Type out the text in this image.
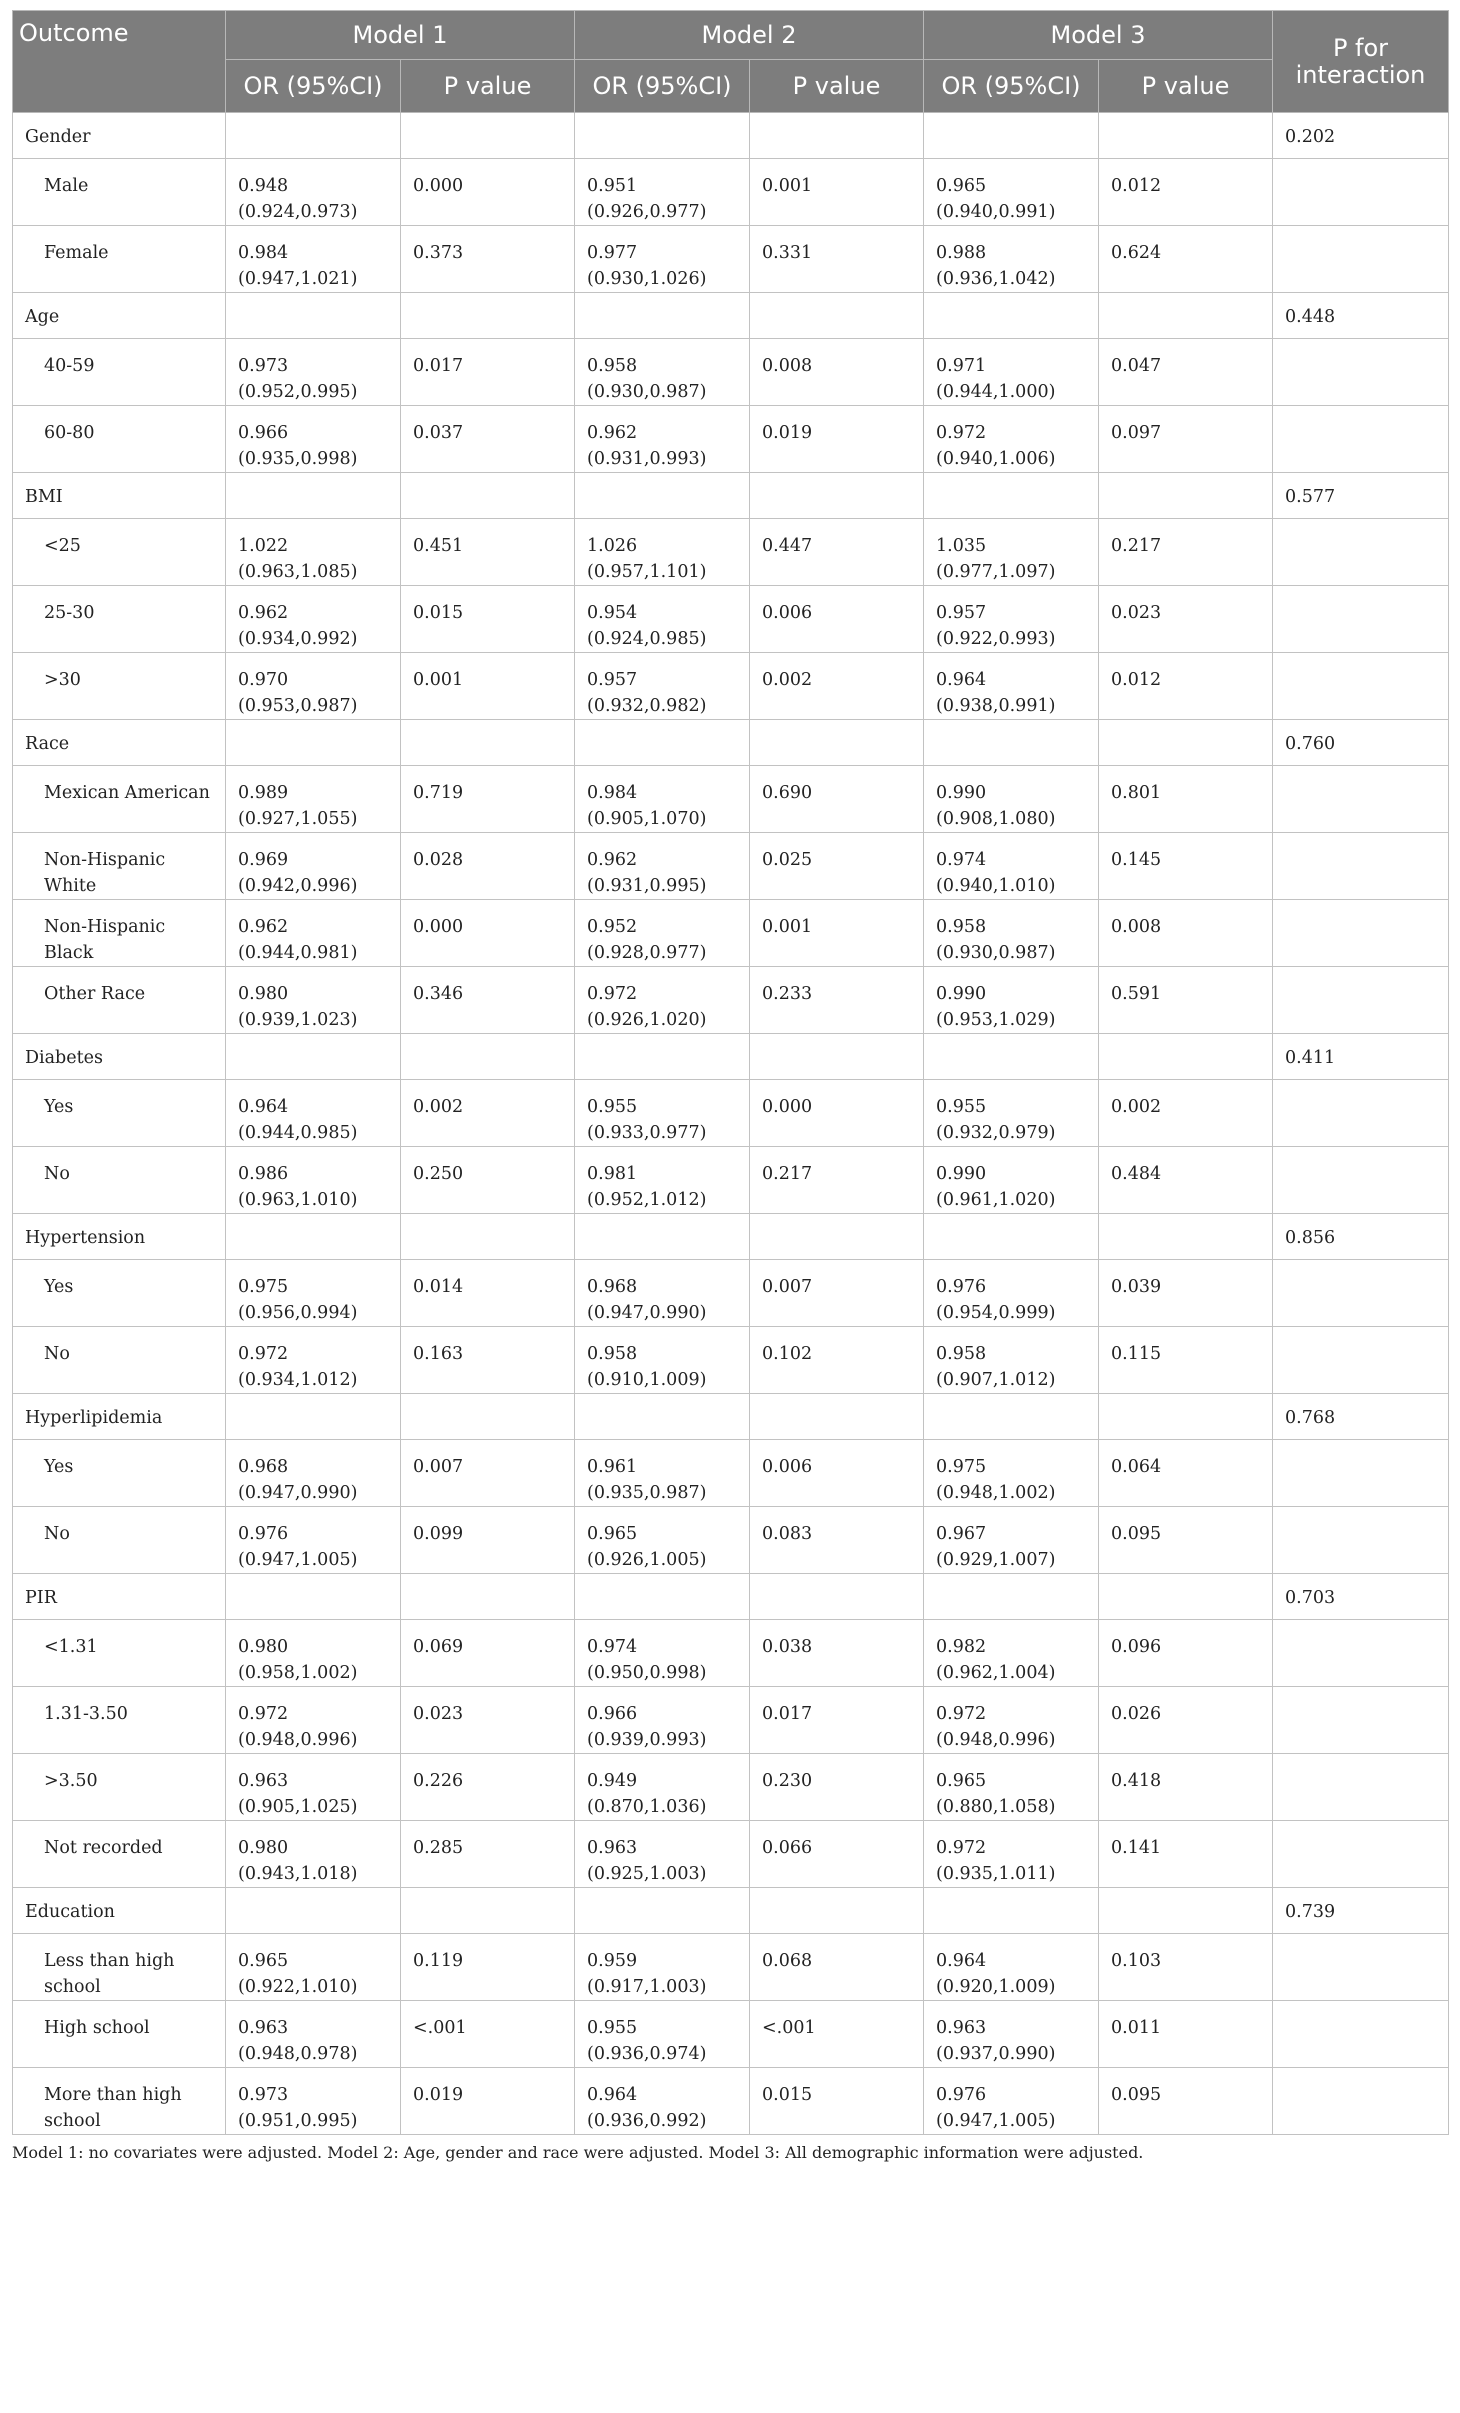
Outcome	Model 1		Model 2		Model 3		P for interaction
	OR (95%CI)	P value	OR (95%CI)	P value	OR (95%CI)	P value	
Gender							0.202
Male	0.948 (0.924,0.973)	0.000	0.951 (0.926,0.977)	0.001	0.965 (0.940,0.991)	0.012	
Female	0.984 (0.947,1.021)	0.373	0.977 (0.930,1.026)	0.331	0.988 (0.936,1.042)	0.624	
Age							0.448
40-59	0.973 (0.952,0.995)	0.017	0.958 (0.930,0.987)	0.008	0.971 (0.944,1.000)	0.047	
60-80	0.966 (0.935,0.998)	0.037	0.962 (0.931,0.993)	0.019	0.972 (0.940,1.006)	0.097	
BMI							0.577
<25	1.022 (0.963,1.085)	0.451	1.026 (0.957,1.101)	0.447	1.035 (0.977,1.097)	0.217	
25-30	0.962 (0.934,0.992)	0.015	0.954 (0.924,0.985)	0.006	0.957 (0.922,0.993)	0.023	
>30	0.970 (0.953,0.987)	0.001	0.957 (0.932,0.982)	0.002	0.964 (0.938,0.991)	0.012	
Race							0.760
Mexican American	0.989 (0.927,1.055)	0.719	0.984 (0.905,1.070)	0.690	0.990 (0.908,1.080)	0.801	
Non-Hispanic White	0.969 (0.942,0.996)	0.028	0.962 (0.931,0.995)	0.025	0.974 (0.940,1.010)	0.145	
Non-Hispanic Black	0.962 (0.944,0.981)	0.000	0.952 (0.928,0.977)	0.001	0.958 (0.930,0.987)	0.008	
Other Race	0.980 (0.939,1.023)	0.346	0.972 (0.926,1.020)	0.233	0.990 (0.953,1.029)	0.591	
Diabetes							0.411
Yes	0.964 (0.944,0.985)	0.002	0.955 (0.933,0.977)	0.000	0.955 (0.932,0.979)	0.002	
No	0.986 (0.963,1.010)	0.250	0.981 (0.952,1.012)	0.217	0.990 (0.961,1.020)	0.484	
Hypertension							0.856
Yes	0.975 (0.956,0.994)	0.014	0.968 (0.947,0.990)	0.007	0.976 (0.954,0.999)	0.039	
No	0.972 (0.934,1.012)	0.163	0.958 (0.910,1.009)	0.102	0.958 (0.907,1.012)	0.115	
Hyperlipidemia							0.768
Yes	0.968 (0.947,0.990)	0.007	0.961 (0.935,0.987)	0.006	0.975 (0.948,1.002)	0.064	
No	0.976 (0.947,1.005)	0.099	0.965 (0.926,1.005)	0.083	0.967 (0.929,1.007)	0.095	
PIR							0.703
<1.31	0.980 (0.958,1.002)	0.069	0.974 (0.950,0.998)	0.038	0.982 (0.962,1.004)	0.096	
1.31-3.50	0.972 (0.948,0.996)	0.023	0.966 (0.939,0.993)	0.017	0.972 (0.948,0.996)	0.026	
>3.50	0.963 (0.905,1.025)	0.226	0.949 (0.870,1.036)	0.230	0.965 (0.880,1.058)	0.418	
Not recorded	0.980 (0.943,1.018)	0.285	0.963 (0.925,1.003)	0.066	0.972 (0.935,1.011)	0.141	
Education							0.739
Less than high school	0.965 (0.922,1.010)	0.119	0.959 (0.917,1.003)	0.068	0.964 (0.920,1.009)	0.103	
High school	0.963 (0.948,0.978)	<.001	0.955 (0.936,0.974)	<.001	0.963 (0.937,0.990)	0.011	
More than high school	0.973 (0.951,0.995)	0.019	0.964 (0.936,0.992)	0.015	0.976 (0.947,1.005)	0.095	
Model 1: no covariates were adjusted. Model 2: Age, gender and race were adjusted. Model 3: All demographic information were adjusted.
